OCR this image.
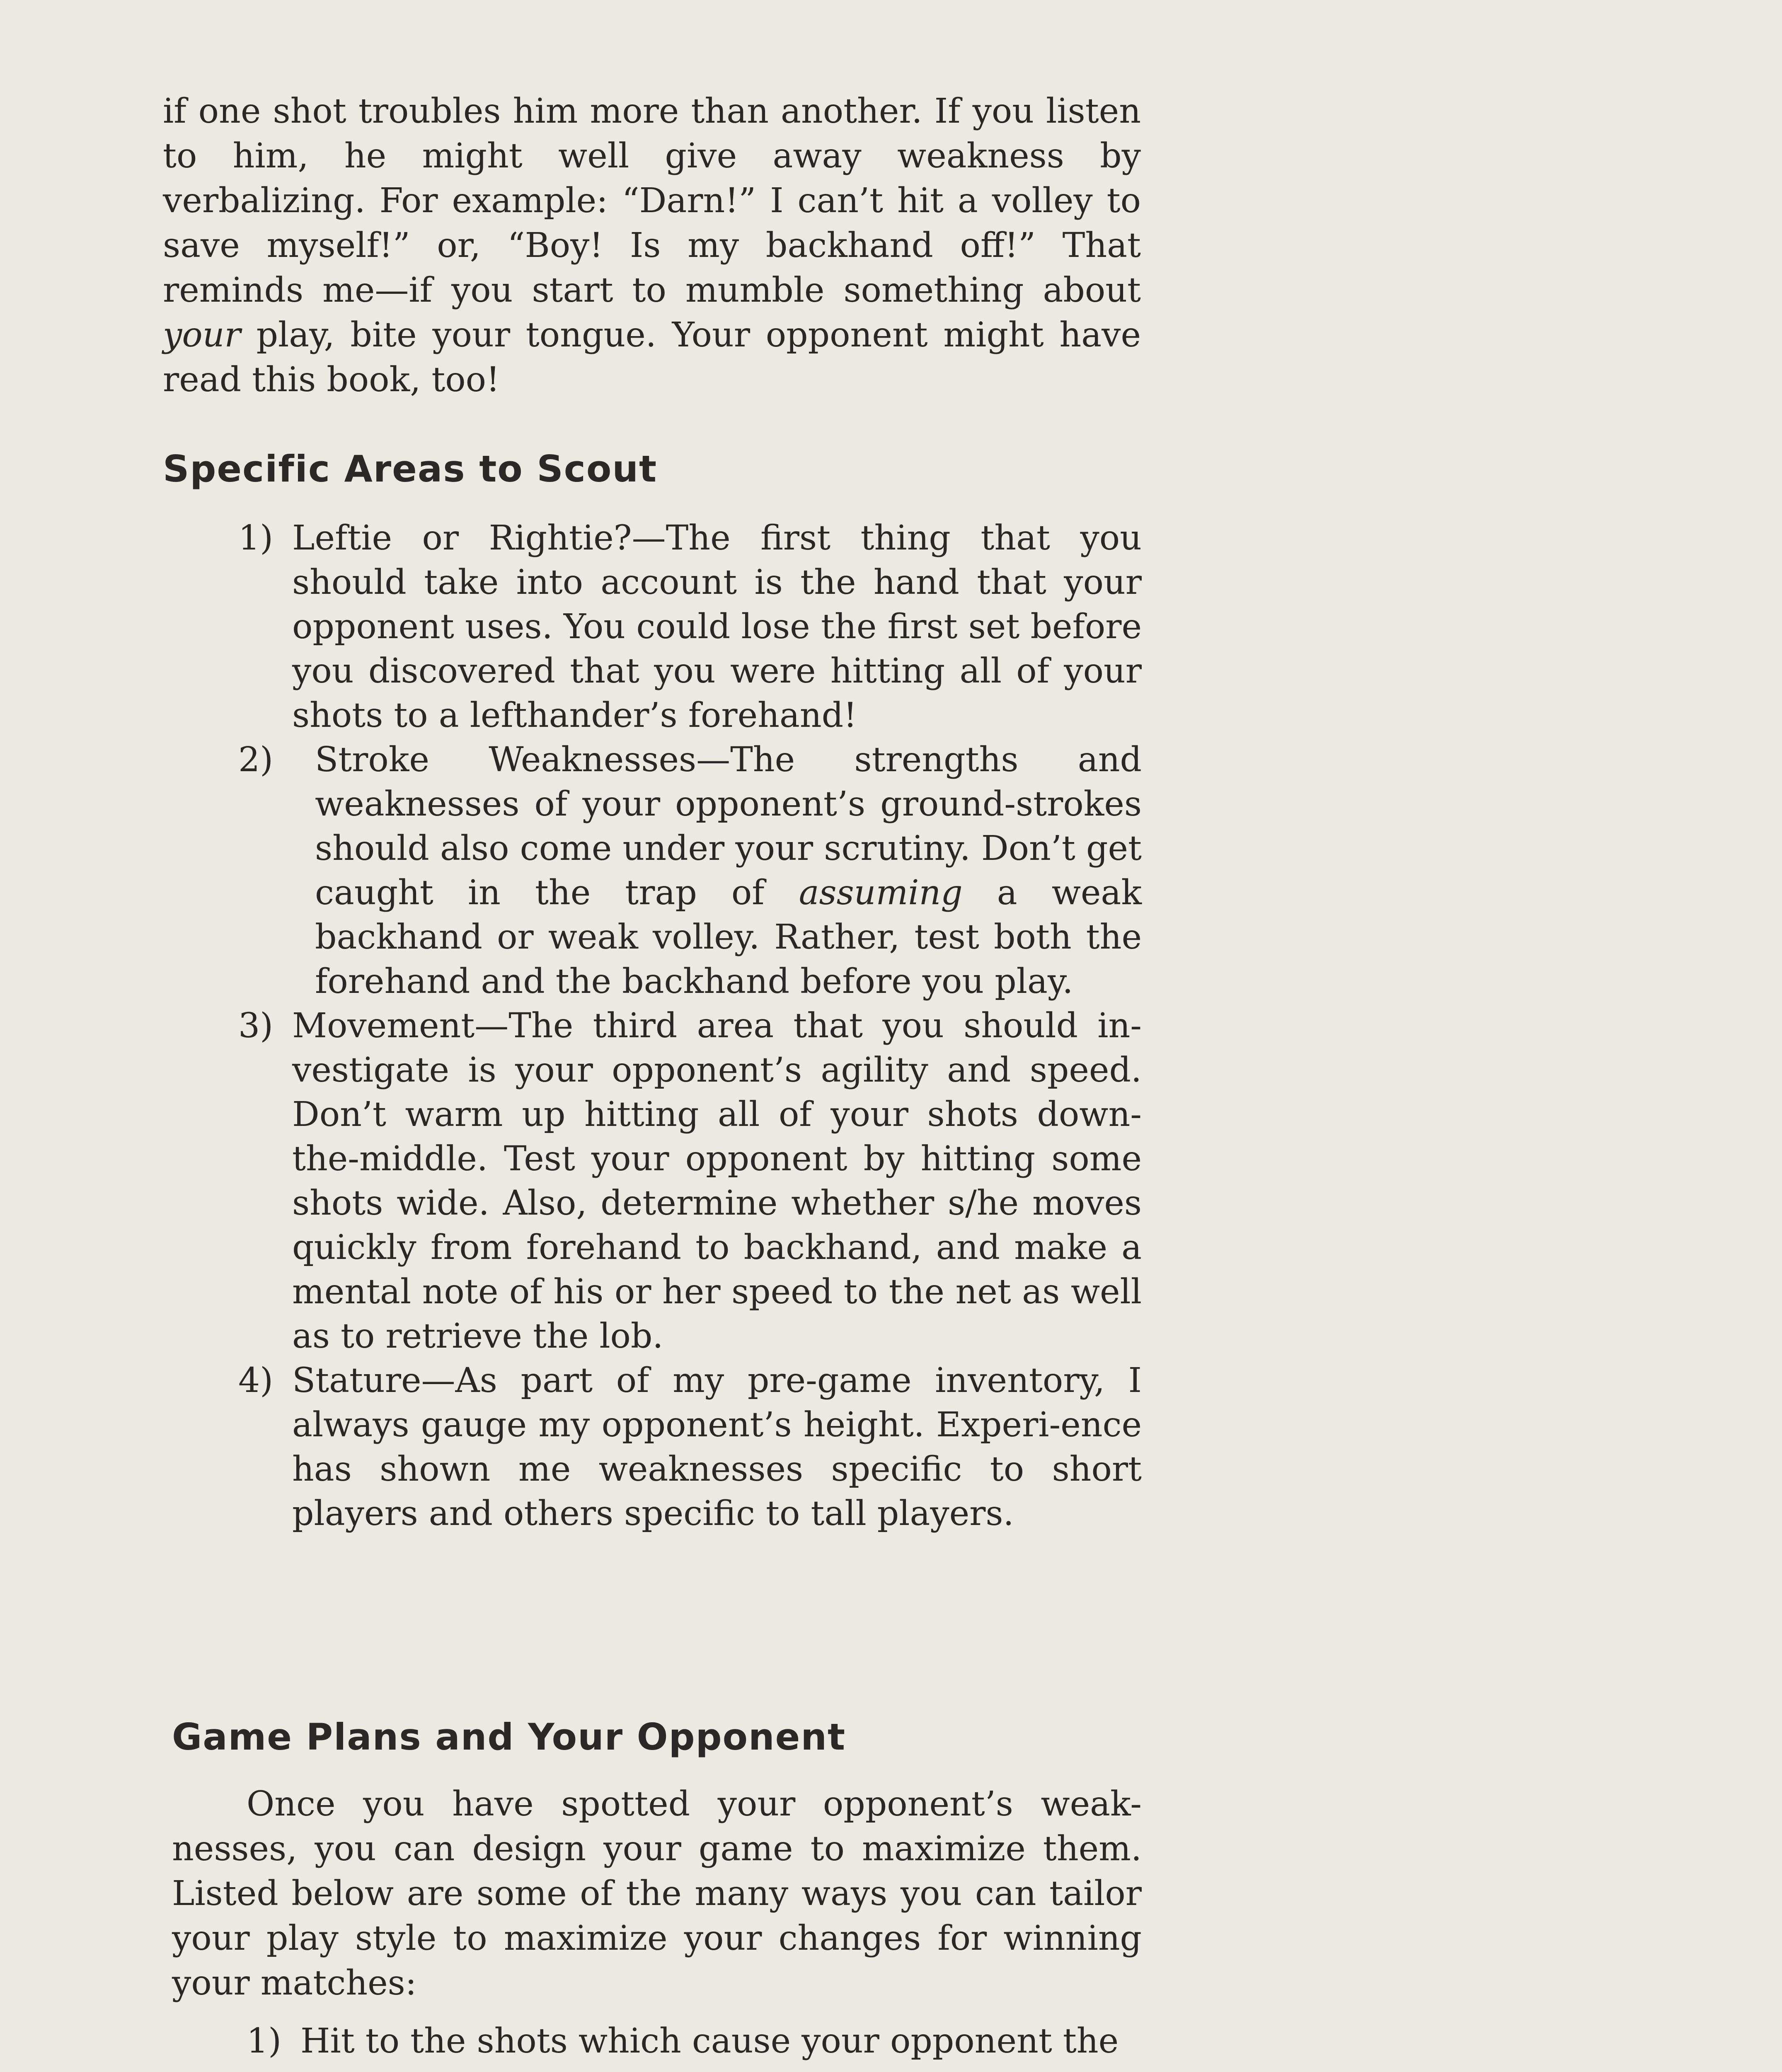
if one shot troubles him more than another. If you listen to him, he might well give away weakness by verbalizing. For example: “Darn!” I can’t hit a volley to save myself!” or, “Boy! Is my backhand off!” That reminds me—if you start to mumble something about your play, bite your tongue. Your opponent might have read this book, too!

Specific Areas to Scout
1) Leftie or Rightie?—The first thing that you should take into account is the hand that your opponent uses. You could lose the first set before you discovered that you were hitting all of your shots to a lefthander’s forehand!
2) Stroke Weaknesses—The strengths and weaknesses of your opponent’s ground-strokes should also come under your scrutiny. Don’t get caught in the trap of assuming a weak backhand or weak volley. Rather, test both the forehand and the backhand before you play.
3) Movement—The third area that you should in-vestigate is your opponent’s agility and speed. Don’t warm up hitting all of your shots down-the-middle. Test your opponent by hitting some shots wide. Also, determine whether s/he moves quickly from forehand to backhand, and make a mental note of his or her speed to the net as well as to retrieve the lob.
4) Stature—As part of my pre-game inventory, I always gauge my opponent’s height. Experi-ence has shown me weaknesses specific to short players and others specific to tall players.
Game Plans and Your Opponent

Once you have spotted your opponent’s weak-nesses, you can design your game to maximize them. Listed below are some of the many ways you can tailor your play style to maximize your changes for winning your matches:

1) Hit to the shots which cause your opponent the
